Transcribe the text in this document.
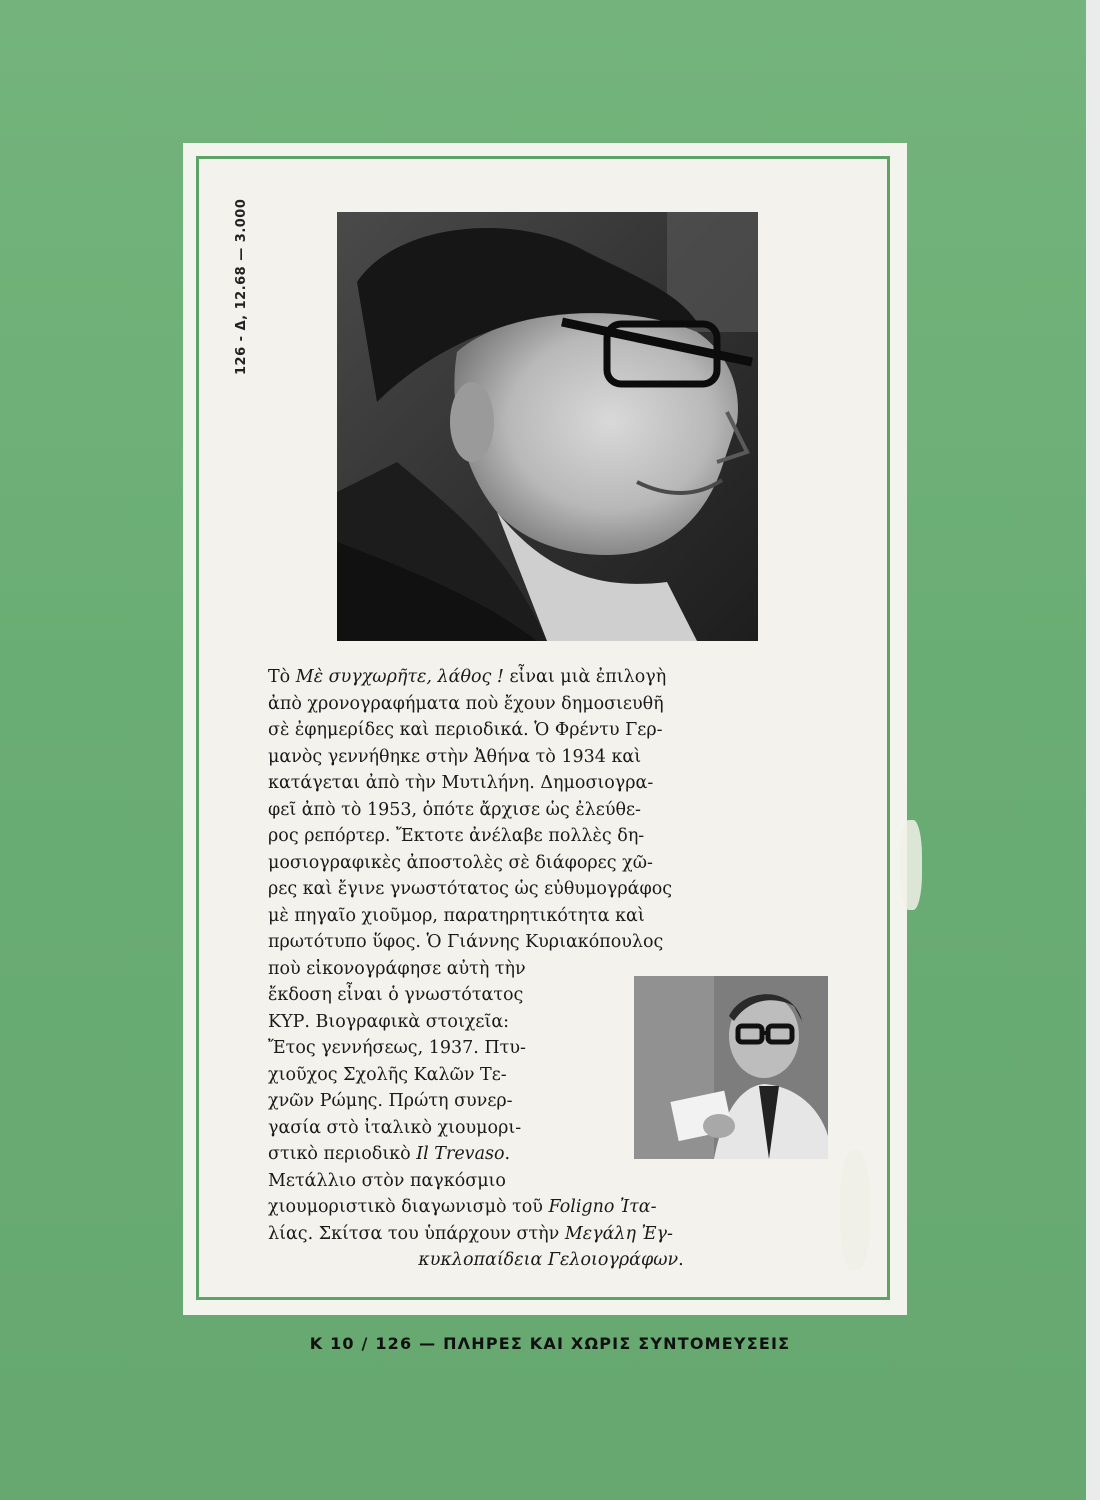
126 - Δ, 12.68 — 3.000
Τὸ Μὲ συγχωρῆτε, λάθος ! εἶναι μιὰ ἐπιλογὴ
ἀπὸ χρονογραφήματα ποὺ ἔχουν δημοσιευθῆ
σὲ ἐφημερίδες καὶ περιοδικά. Ὁ Φρέντυ Γερ-
μανὸς γεννήθηκε στὴν Ἀθήνα τὸ 1934 καὶ
κατάγεται ἀπὸ τὴν Μυτιλήνη. Δημοσιογρα-
φεῖ ἀπὸ τὸ 1953, ὁπότε ἄρχισε ὡς ἐλεύθε-
ρος ρεπόρτερ. Ἔκτοτε ἀνέλαβε πολλὲς δη-
μοσιογραφικὲς ἀποστολὲς σὲ διάφορες χῶ-
ρες καὶ ἔγινε γνωστότατος ὡς εὐθυμογράφος
μὲ πηγαῖο χιοῦμορ, παρατηρητικότητα καὶ
πρωτότυπο ὕφος. Ὁ Γιάννης Κυριακόπουλος
ποὺ εἰκονογράφησε αὐτὴ τὴν
ἔκδοση εἶναι ὁ γνωστότατος
ΚΥΡ. Βιογραφικὰ στοιχεῖα:
Ἔτος γεννήσεως, 1937. Πτυ-
χιοῦχος Σχολῆς Καλῶν Τε-
χνῶν Ρώμης. Πρώτη συνερ-
γασία στὸ ἰταλικὸ χιουμορι-
στικὸ περιοδικὸ Il Trevaso.
Μετάλλιο στὸν παγκόσμιο
χιουμοριστικὸ διαγωνισμὸ τοῦ Foligno Ἰτα-
λίας. Σκίτσα του ὑπάρχουν στὴν Μεγάλη Ἐγ-
κυκλοπαίδεια Γελοιογράφων.
Κ 10 / 126 — ΠΛΗΡΕΣ ΚΑΙ ΧΩΡΙΣ ΣΥΝΤΟΜΕΥΣΕΙΣ
